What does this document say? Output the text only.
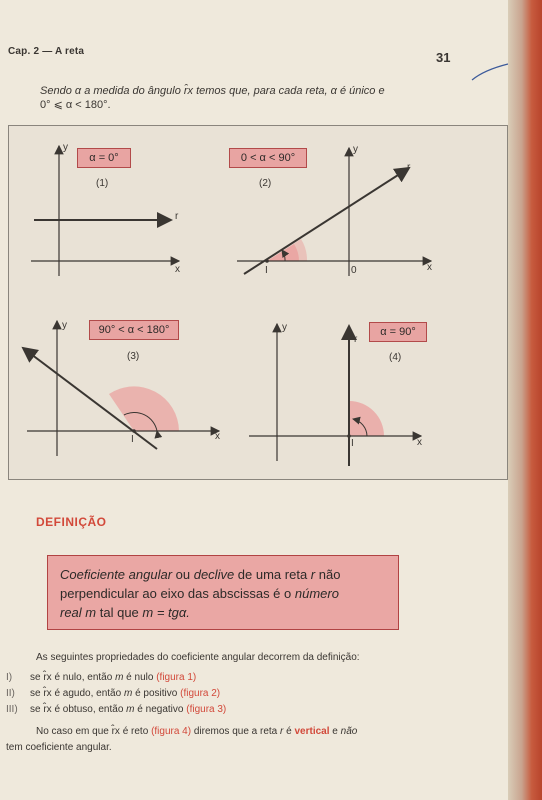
Cap. 2 — A reta	31
Sendo α a medida do ângulo r̂x temos que, para cada reta, α é único e
0° ⩽ α < 180°.
α = 0°
(1)
y
x
r
0 < α < 90°
(2)
y
x
r
I	0
90° < α < 180°
(3)
y
x
I
α = 90°
(4)
y
x
r
I
DEFINIÇÃO
Coeficiente angular ou declive de uma reta r não
perpendicular ao eixo das abscissas é o número
real m tal que m = tgα.
As seguintes propriedades do coeficiente angular decorrem da definição:
I) se r̂x é nulo, então m é nulo (figura 1)
II) se r̂x é agudo, então m é positivo (figura 2)
III) se r̂x é obtuso, então m é negativo (figura 3)
No caso em que r̂x é reto (figura 4) diremos que a reta r é vertical e não
tem coeficiente angular.
